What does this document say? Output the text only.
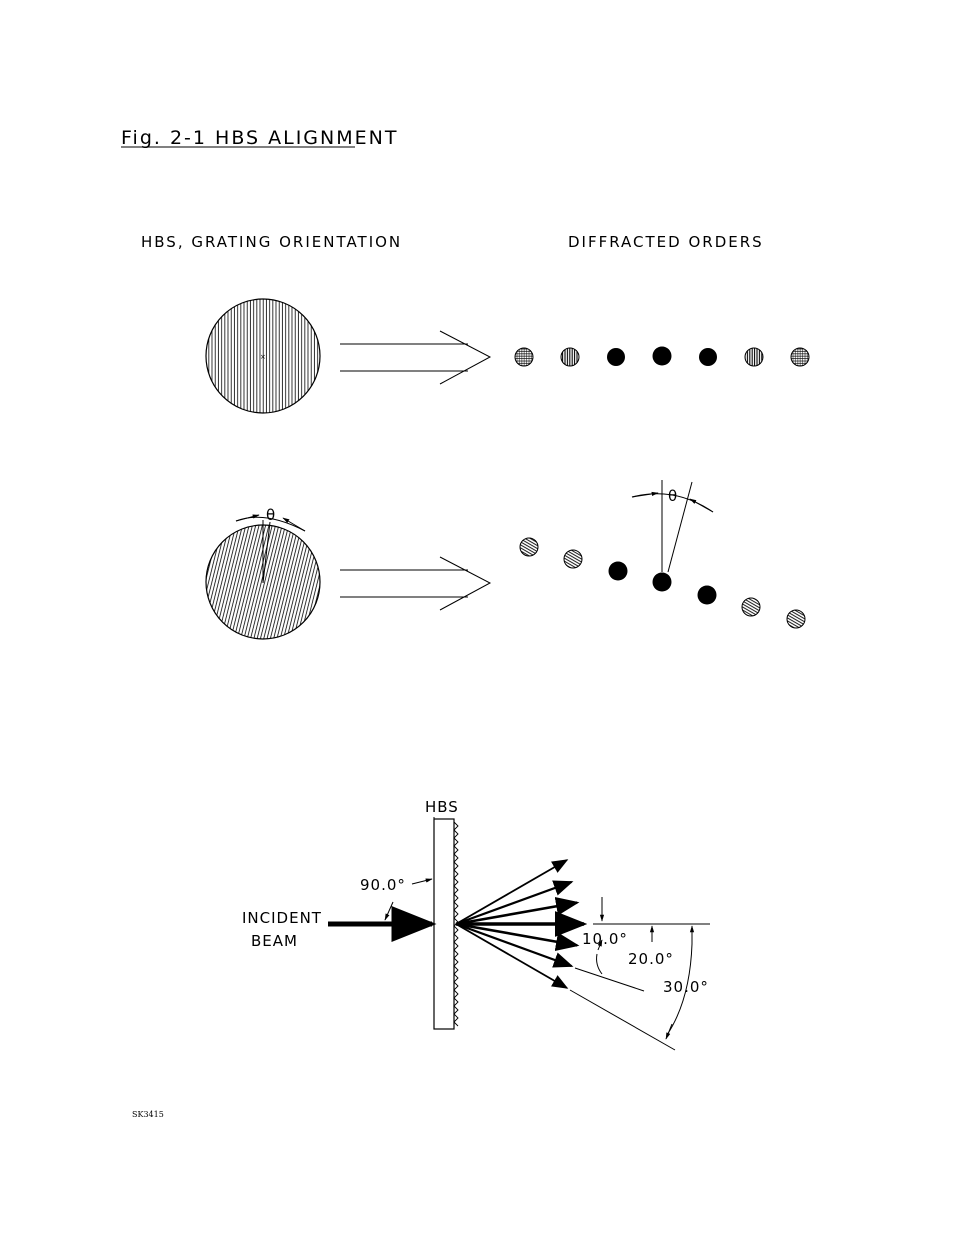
Fig. 2-1 HBS ALIGNMENT
HBS, GRATING ORIENTATION	DIFFRACTED ORDERS
×
θ
θ
HBS
INCIDENT
BEAM
90.0°
10.0°
20.0°
30.0°
SK3415
